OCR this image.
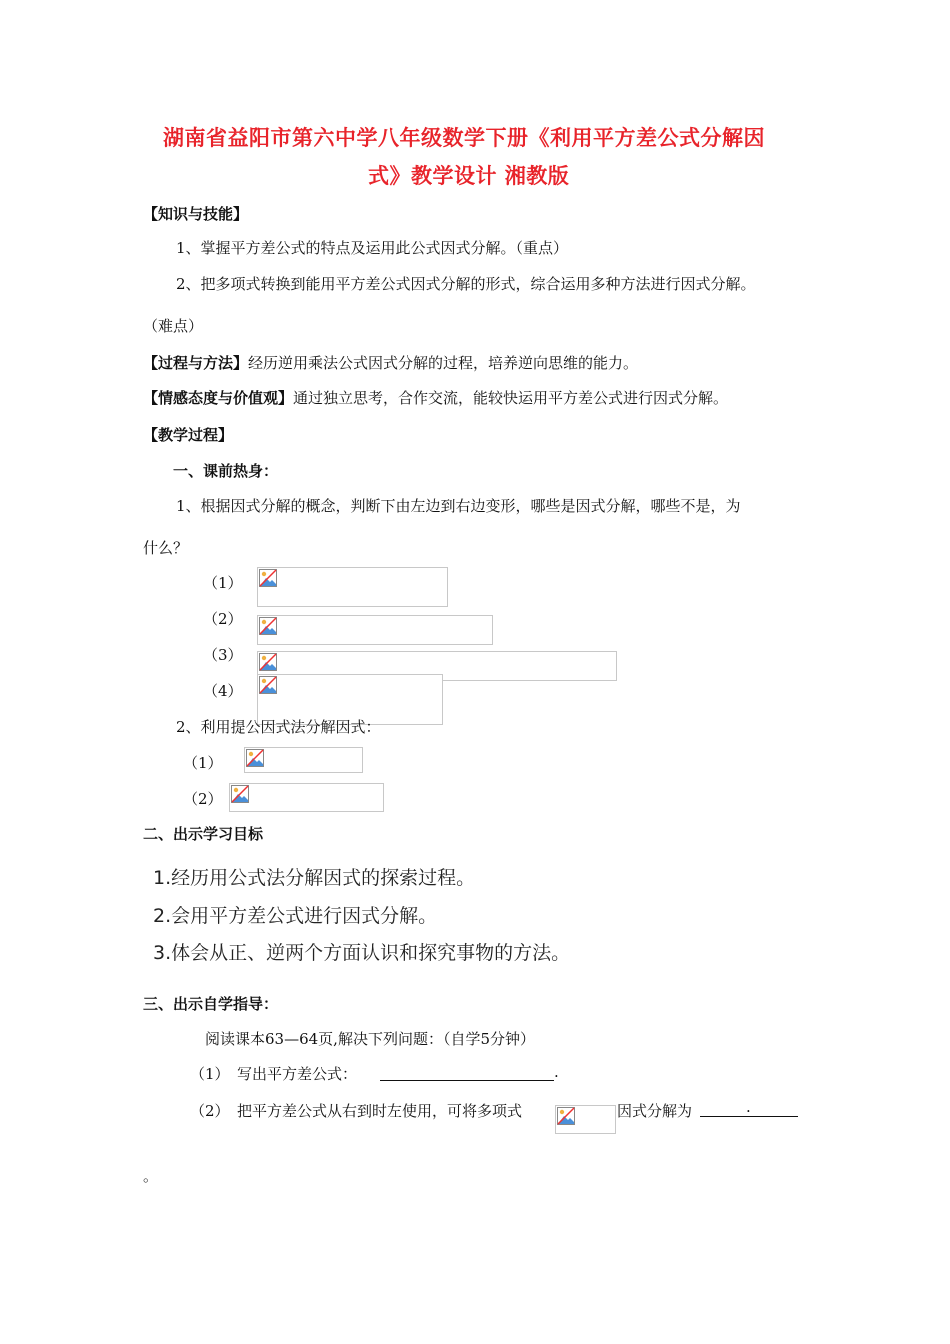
湖南省益阳市第六中学八年级数学下册《利用平方差公式分解因
式》教学设计 湘教版
【知识与技能】
1、掌握平方差公式的特点及运用此公式因式分解。（重点）
2、把多项式转换到能用平方差公式因式分解的形式，综合运用多种方法进行因式分解。
（难点）
【过程与方法】经历逆用乘法公式因式分解的过程，培养逆向思维的能力。
【情感态度与价值观】通过独立思考，合作交流，能较快运用平方差公式进行因式分解。
【教学过程】
一、课前热身：
1、根据因式分解的概念，判断下由左边到右边变形，哪些是因式分解，哪些不是，为
什么？
（1）
（2）
（3）
（4）
2、利用提公因式法分解因式：
（1）
（2）
二、出示学习目标
1.经历用公式法分解因式的探索过程。
2.会用平方差公式进行因式分解。
3.体会从正、逆两个方面认识和探究事物的方法。
三、出示自学指导：
阅读课本63—64页,解决下列问题：（自学5分钟）
（1） 写出平方差公式：	.
（2） 把平方差公式从右到时左使用，可将多项式	因式分解为	.
。
